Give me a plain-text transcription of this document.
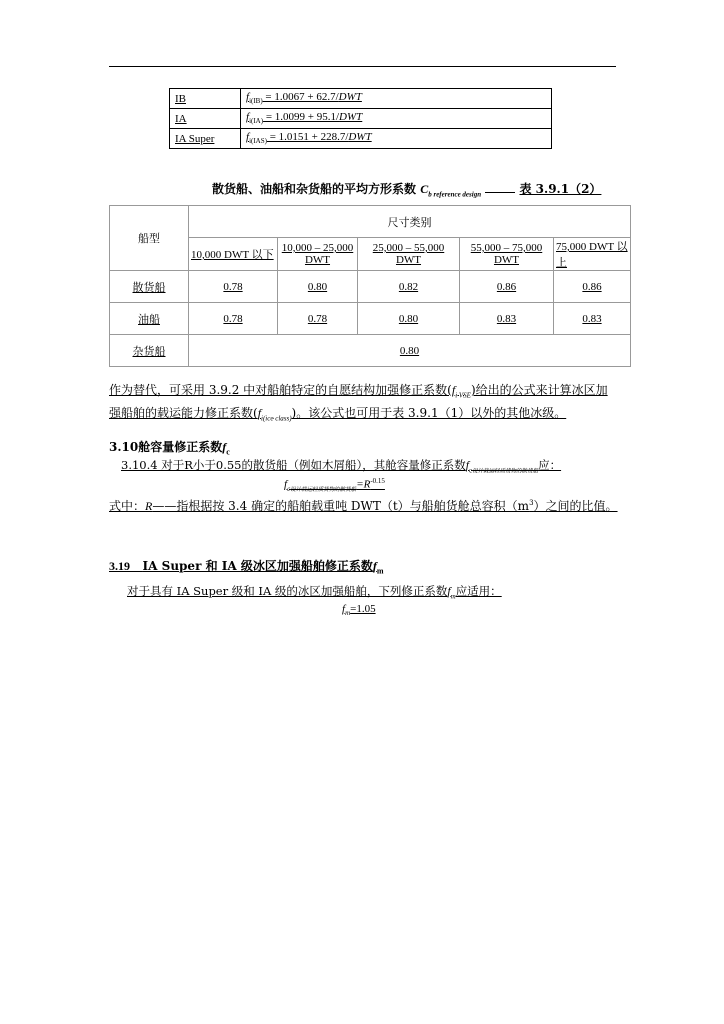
IB	$f_{i(IB)} = 1.0067 + 62.7/DWT$
IA	$f_{i(IA)} = 1.0099 + 95.1/DWT$
IA Super	$f_{i(IAS)} = 1.0151 + 228.7/DWT$
散货船、油船和杂货船的平均方形系数 $C_{b reference design}$	表 3.9.1（2）
船型	尺寸类别				
	10,000 DWT 以下	10,000 – 25,000 DWT	25,000 – 55,000 DWT	55,000 – 75,000 DWT	75,000 DWT 以上
散货船	0.78	0.80	0.82	0.86	0.86
油船	0.78	0.78	0.80	0.83	0.83
杂货船	0.80				
作为替代，可采用 3.9.2 中对船舶特定的自愿结构加强修正系数$(f_{i VSE})$给出的公式来计算冰区加强船舶的载运能力修正系数$(f_{i(ice class)})$。该公式也可用于表 3.9.1（1）以外的其他冰级。
3.10舱容量修正系数$f_c$
3.10.4 对于R小于0.55的散货船（例如木屑船），其舱容量修正系数$f_{c设计载运轻质货物的散货船}$应：
$f_{c设计载运轻质货物的散货船}=R^{-0.15}$
式中：R——指根据按 3.4 确定的船舶载重吨 DWT（t）与船舶货舱总容积$(m^3)$之间的比值。
3.19 IA Super 和 IA 级冰区加强船舶修正系数$f_m$
对于具有 IA Super 级和 IA 级的冰区加强船舶，下列修正系数$f_m$应适用：
$f_m=1.05$
